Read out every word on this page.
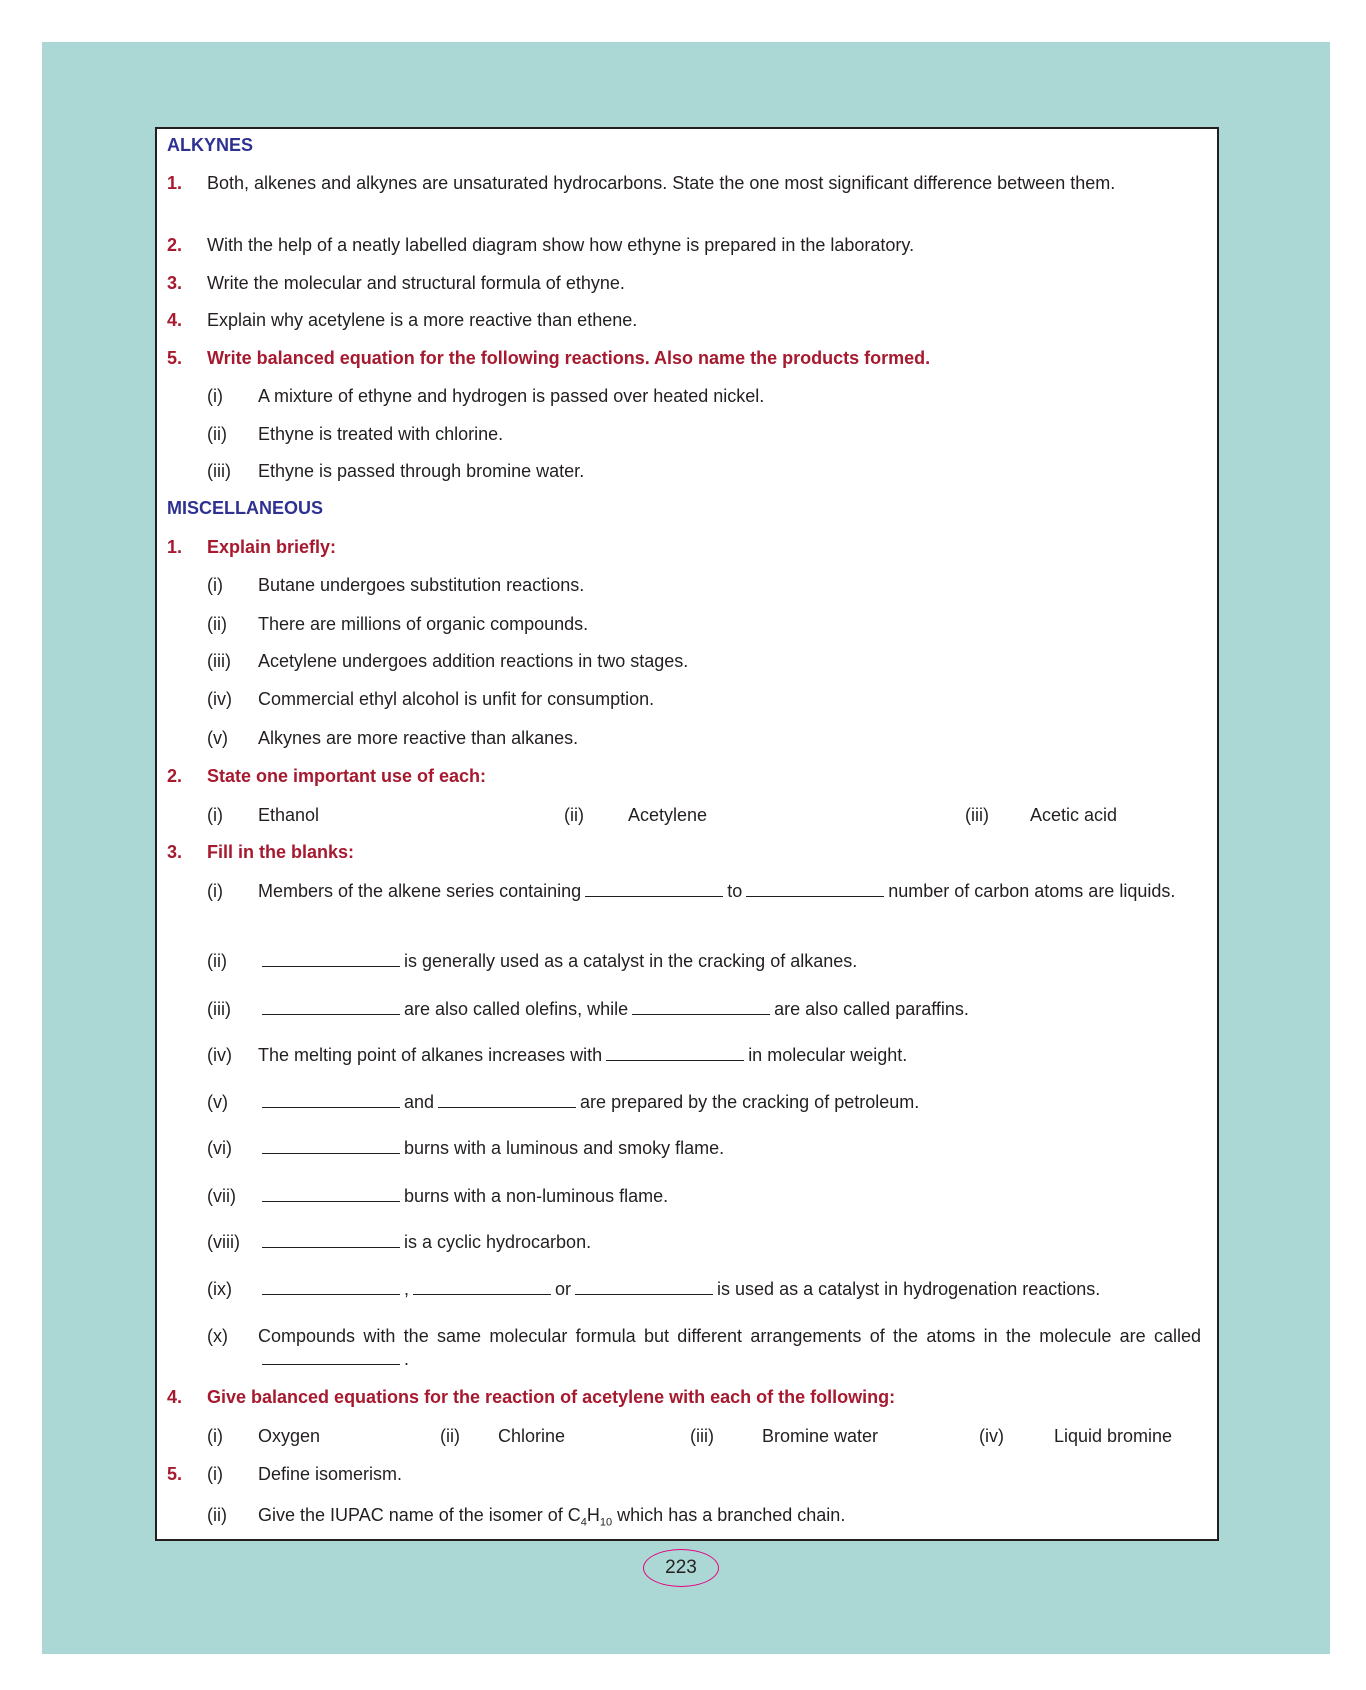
ALKYNES
1. Both, alkenes and alkynes are unsaturated hydrocarbons. State the one most significant difference between them.
2. With the help of a neatly labelled diagram show how ethyne is prepared in the laboratory.
3. Write the molecular and structural formula of ethyne.
4. Explain why acetylene is a more reactive than ethene.
5. Write balanced equation for the following reactions. Also name the products formed.
(i) A mixture of ethyne and hydrogen is passed over heated nickel.
(ii) Ethyne is treated with chlorine.
(iii) Ethyne is passed through bromine water.
MISCELLANEOUS
1. Explain briefly:
(i) Butane undergoes substitution reactions.
(ii) There are millions of organic compounds.
(iii) Acetylene undergoes addition reactions in two stages.
(iv) Commercial ethyl alcohol is unfit for consumption.
(v) Alkynes are more reactive than alkanes.
2. State one important use of each:
(i) Ethanol	(ii) Acetylene	(iii) Acetic acid
3. Fill in the blanks:
(i) Members of the alkene series containing	to	number of carbon atoms are liquids.
(ii)	is generally used as a catalyst in the cracking of alkanes.
(iii)	are also called olefins, while	are also called paraffins.
(iv) The melting point of alkanes increases with	in molecular weight.
(v)	and	are prepared by the cracking of petroleum.
(vi)	burns with a luminous and smoky flame.
(vii)	burns with a non-luminous flame.
(viii)	is a cyclic hydrocarbon.
(ix)	,	or	is used as a catalyst in hydrogenation reactions.
(x) Compounds with the same molecular formula but different arrangements of the atoms in the molecule are called.
4. Give balanced equations for the reaction of acetylene with each of the following:
(i) Oxygen	(ii) Chlorine	(iii)	Bromine water	(iv)	Liquid bromine
5. (i) Define isomerism.
(ii) Give the IUPAC name of the isomer of $C_4H_{10}$ which has a branched chain.
223
